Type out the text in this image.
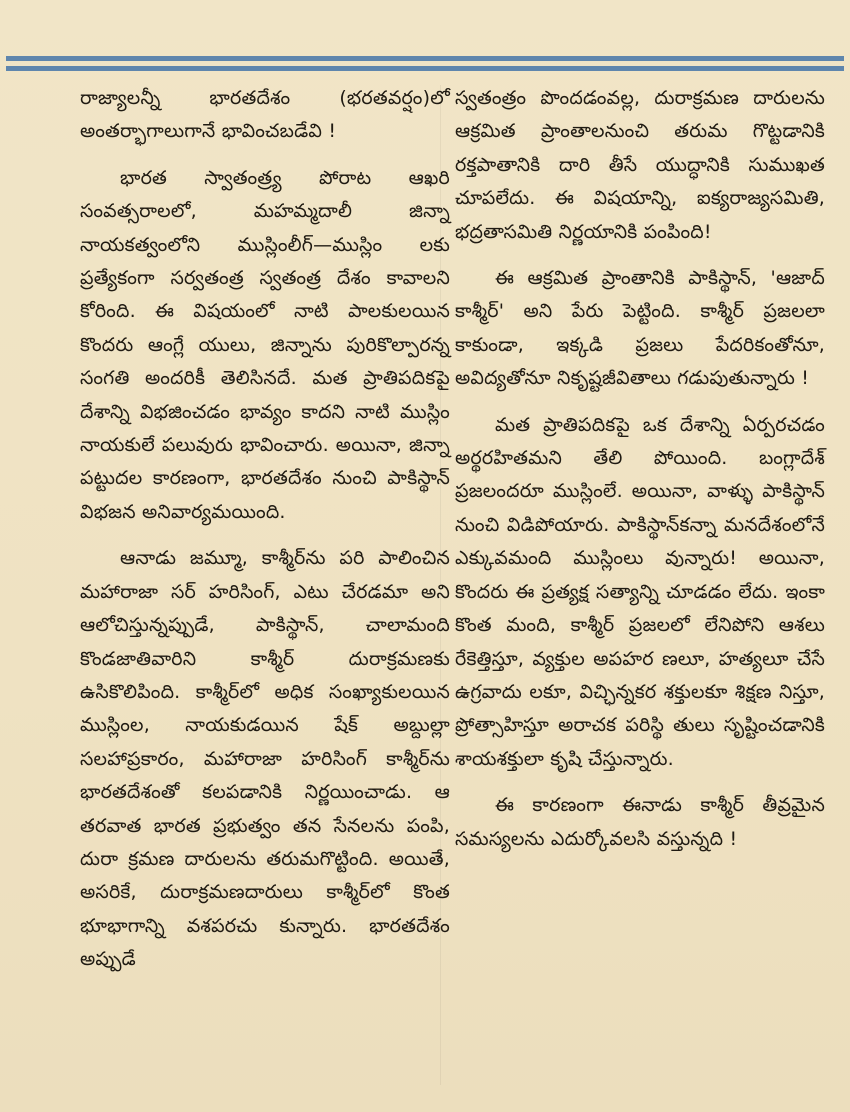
రాజ్యాలన్నీ భారతదేశం (భరతవర్షం)లో అంతర్భాగాలుగానే భావించబడేవి !

భారత స్వాతంత్ర్య పోరాట ఆఖరి సంవత్సరాలలో, మహమ్మదాలీ జిన్నా నాయకత్వంలోని ముస్లింలీగ్—ముస్లిం లకు ప్రత్యేకంగా సర్వతంత్ర స్వతంత్ర దేశం కావాలని కోరింది. ఈ విషయంలో నాటి పాలకులయిన కొందరు ఆంగ్లే యులు, జిన్నాను పురికొల్పారన్న సంగతి అందరికీ తెలిసినదే. మత ప్రాతిపదికపై దేశాన్ని విభజించడం భావ్యం కాదని నాటి ముస్లిం నాయకులే పలువురు భావించారు. అయినా, జిన్నా పట్టుదల కారణంగా, భారతదేశం నుంచి పాకిస్థాన్ విభజన అనివార్యమయింది.

ఆనాడు జమ్మూ, కాశ్మీర్‌ను పరి పాలించిన మహారాజా సర్ హరిసింగ్, ఎటు చేరడమా అని ఆలోచిస్తున్నప్పుడే, పాకిస్థాన్, చాలామంది కొండజాతివారిని కాశ్మీర్ దురాక్రమణకు ఉసికొలిపింది. కాశ్మీర్‌లో అధిక సంఖ్యాకులయిన ముస్లింల, నాయకుడయిన షేక్ అబ్దుల్లా సలహాప్రకారం, మహారాజా హరిసింగ్ కాశ్మీర్‌ను భారతదేశంతో కలపడానికి నిర్ణయించాడు. ఆ తరవాత భారత ప్రభుత్వం తన సేనలను పంపి, దురా క్రమణ దారులను తరుమగొట్టింది. అయితే, అసరికే, దురాక్రమణదారులు కాశ్మీర్‌లో కొంత భూభాగాన్ని వశపరచు కున్నారు. భారతదేశం అప్పుడే

స్వతంత్రం పొందడంవల్ల, దురాక్రమణ దారులను ఆక్రమిత ప్రాంతాలనుంచి తరుమ గొట్టడానికి రక్తపాతానికి దారి తీసే యుద్ధానికి సుముఖత చూపలేదు. ఈ విషయాన్ని, ఐక్యరాజ్యసమితి, భద్రతాసమితి నిర్ణయానికి పంపింది!

ఈ ఆక్రమిత ప్రాంతానికి పాకిస్థాన్, 'ఆజాద్ కాశ్మీర్' అని పేరు పెట్టింది. కాశ్మీర్ ప్రజలలా కాకుండా, ఇక్కడి ప్రజలు పేదరికంతోనూ, అవిద్యతోనూ నికృష్టజీవితాలు గడుపుతున్నారు !

మత ప్రాతిపదికపై ఒక దేశాన్ని ఏర్పరచడం అర్థరహితమని తేలి పోయింది. బంగ్లాదేశ్ ప్రజలందరూ ముస్లింలే. అయినా, వాళ్ళు పాకిస్థాన్ నుంచి విడిపోయారు. పాకిస్థాన్‌కన్నా మనదేశంలోనే ఎక్కువమంది ముస్లింలు వున్నారు! అయినా, కొందరు ఈ ప్రత్యక్ష సత్యాన్ని చూడడం లేదు. ఇంకా కొంత మంది, కాశ్మీర్ ప్రజలలో లేనిపోని ఆశలు రేకెత్తిస్తూ, వ్యక్తుల అపహర ణలూ, హత్యలూ చేసే ఉగ్రవాదు లకూ, విచ్ఛిన్నకర శక్తులకూ శిక్షణ నిస్తూ, ప్రోత్సాహిస్తూ అరాచక పరిస్థి తులు సృష్టించడానికి శాయశక్తులా కృషి చేస్తున్నారు.

ఈ కారణంగా ఈనాడు కాశ్మీర్ తీవ్రమైన సమస్యలను ఎదుర్కోవలసి వస్తున్నది !
